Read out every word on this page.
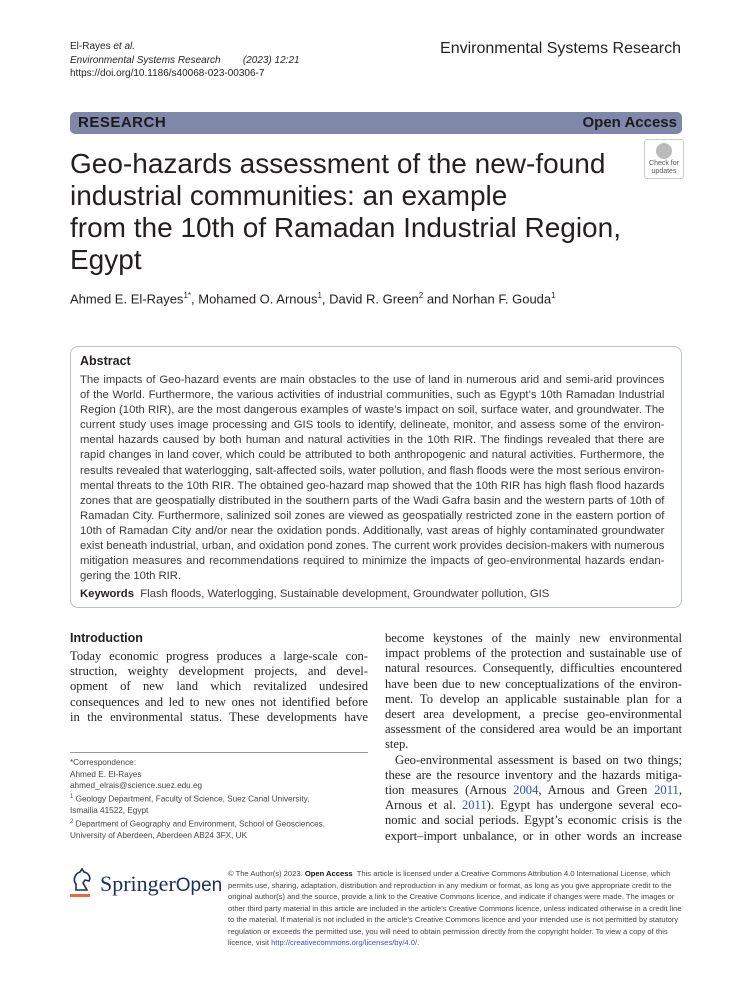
El-Rayes et al.
Environmental Systems Research (2023) 12:21
https://doi.org/10.1186/s40068-023-00306-7
Environmental Systems Research
RESEARCH	Open Access
Geo-hazards assessment of the new-found
industrial communities: an example
from the 10th of Ramadan Industrial Region,
Egypt
Check for
updates
Ahmed E. El-Rayes$^{1*}$, Mohamed O. Arnous$^1$, David R. Green$^2$ and Norhan F. Gouda$^1$
Abstract
The impacts of Geo-hazard events are main obstacles to the use of land in numerous arid and semi-arid provinces
of the World. Furthermore, the various activities of industrial communities, such as Egypt’s 10th Ramadan Industrial
Region (10th RIR), are the most dangerous examples of waste’s impact on soil, surface water, and groundwater. The
current study uses image processing and GIS tools to identify, delineate, monitor, and assess some of the environ-
mental hazards caused by both human and natural activities in the 10th RIR. The findings revealed that there are
rapid changes in land cover, which could be attributed to both anthropogenic and natural activities. Furthermore, the
results revealed that waterlogging, salt-affected soils, water pollution, and flash floods were the most serious environ-
mental threats to the 10th RIR. The obtained geo-hazard map showed that the 10th RIR has high flash flood hazards
zones that are geospatially distributed in the southern parts of the Wadi Gafra basin and the western parts of 10th of
Ramadan City. Furthermore, salinized soil zones are viewed as geospatially restricted zone in the eastern portion of
10th of Ramadan City and/or near the oxidation ponds. Additionally, vast areas of highly contaminated groundwater
exist beneath industrial, urban, and oxidation pond zones. The current work provides decision-makers with numerous
mitigation measures and recommendations required to minimize the impacts of geo-environmental hazards endan-
gering the 10th RIR.
Keywords Flash floods, Waterlogging, Sustainable development, Groundwater pollution, GIS
Introduction
Today economic progress produces a large-scale con-
struction, weighty development projects, and devel-
opment of new land which revitalized undesired
consequences and led to new ones not identified before
in the environmental status. These developments have
become keystones of the mainly new environmental
impact problems of the protection and sustainable use of
natural resources. Consequently, difficulties encountered
have been due to new conceptualizations of the environ-
ment. To develop an applicable sustainable plan for a
desert area development, a precise geo-environmental
assessment of the considered area would be an important
step.
Geo-environmental assessment is based on two things;
these are the resource inventory and the hazards mitiga-
tion measures (Arnous 2004, Arnous and Green 2011,
Arnous et al. 2011). Egypt has undergone several eco-
nomic and social periods. Egypt’s economic crisis is the
export–import unbalance, or in other words an increase
*Correspondence:
Ahmed E. El-Rayes
ahmed_elrais@science.suez.edu.eg
$^1$ Geology Department, Faculty of Science, Suez Canal University,
Ismailia 41522, Egypt
$^2$ Department of Geography and Environment, School of Geosciences,
University of Aberdeen, Aberdeen AB24 3FX, UK
SpringerOpen
© The Author(s) 2023. Open Access This article is licensed under a Creative Commons Attribution 4.0 International License, which permits use, sharing, adaptation, distribution and reproduction in any medium or format, as long as you give appropriate credit to the original author(s) and the source, provide a link to the Creative Commons licence, and indicate if changes were made. The images or other third party material in this article are included in the article’s Creative Commons licence, unless indicated otherwise in a credit line to the material. If material is not included in the article’s Creative Commons licence and your intended use is not permitted by statutory regulation or exceeds the permitted use, you will need to obtain permission directly from the copyright holder. To view a copy of this licence, visit http://creativecommons.org/licenses/by/4.0/.
